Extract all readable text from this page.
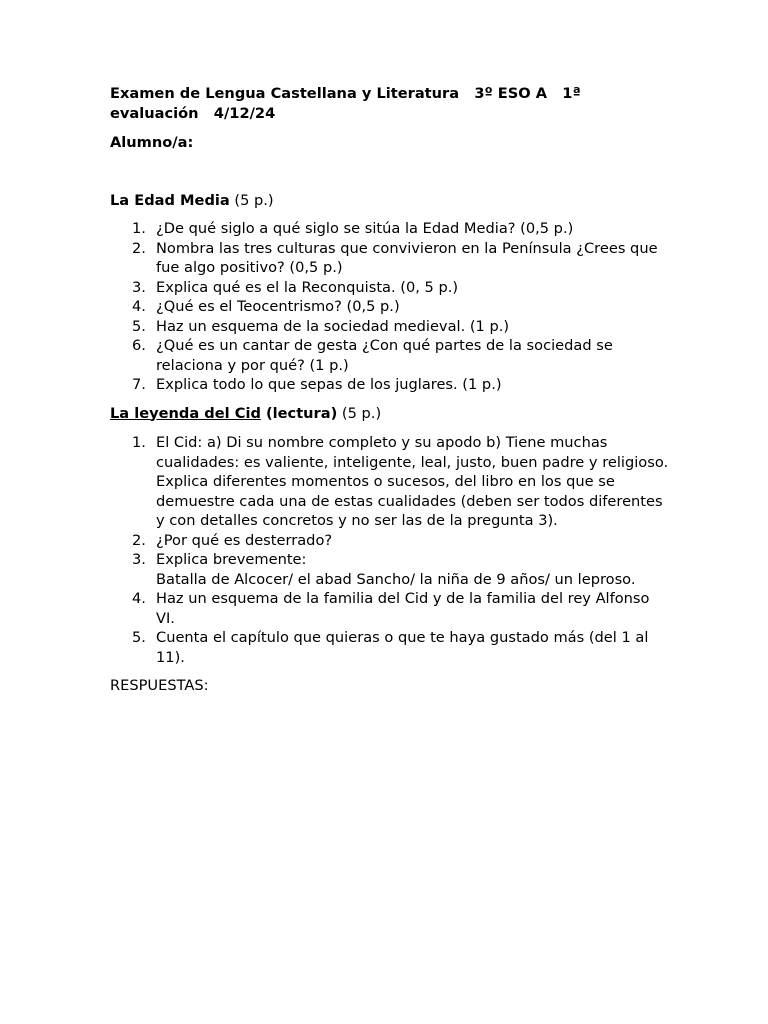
Examen de Lengua Castellana y Literatura   3º ESO A   1ª evaluación   4/12/24

Alumno/a:

La Edad Media (5 p.)

1. ¿De qué siglo a qué siglo se sitúa la Edad Media? (0,5 p.)
2. Nombra las tres culturas que convivieron en la Península ¿Crees que fue algo positivo? (0,5 p.)
3. Explica qué es el la Reconquista. (0, 5 p.)
4. ¿Qué es el Teocentrismo? (0,5 p.)
5. Haz un esquema de la sociedad medieval. (1 p.)
6. ¿Qué es un cantar de gesta ¿Con qué partes de la sociedad se relaciona y por qué? (1 p.)
7. Explica todo lo que sepas de los juglares. (1 p.)

La leyenda del Cid (lectura) (5 p.)

1. El Cid: a) Di su nombre completo y su apodo b) Tiene muchas cualidades: es valiente, inteligente, leal, justo, buen padre y religioso. Explica diferentes momentos o sucesos, del libro en los que se demuestre cada una de estas cualidades (deben ser todos diferentes y con detalles concretos y no ser las de la pregunta 3).
2. ¿Por qué es desterrado?
3. Explica brevemente:
Batalla de Alcocer/ el abad Sancho/ la niña de 9 años/ un leproso.
4. Haz un esquema de la familia del Cid y de la familia del rey Alfonso VI.
5. Cuenta el capítulo que quieras o que te haya gustado más (del 1 al 11).

RESPUESTAS:
